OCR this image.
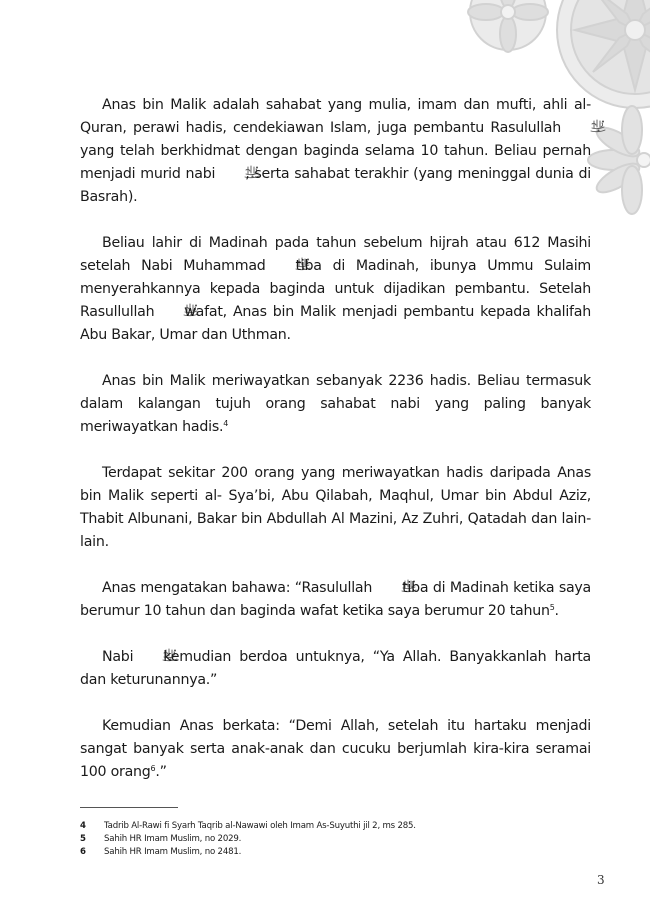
Anas bin Malik adalah sahabat yang mulia, imam dan mufti, ahli al-Quran, perawi hadis, cendekiawan Islam, juga pembantu Rasulullahyang telah berkhidmat dengan baginda selama 10 tahun. Beliau pernah menjadi murid nabi , serta sahabat terakhir (yang meninggal dunia di Basrah).

Beliau lahir di Madinah pada tahun sebelum hijrah atau 612 Masihi setelah Nabi Muhammad tiba di Madinah, ibunya Ummu Sulaim menyerahkannya kepada baginda untuk dijadikan pembantu. Setelah Rasullullah wafat, Anas bin Malik menjadi pembantu kepada khalifah Abu Bakar, Umar dan Uthman.

Anas bin Malik meriwayatkan sebanyak 2236 hadis. Beliau termasuk dalam kalangan tujuh orang sahabat nabi yang paling banyak meriwayatkan hadis.$^4$

Terdapat sekitar 200 orang yang meriwayatkan hadis daripada Anas bin Malik seperti al- Sya’bi, Abu Qilabah, Maqhul, Umar bin Abdul Aziz, Thabit Albunani, Bakar bin Abdullah Al Mazini, Az Zuhri, Qatadah dan lain-lain.

Anas mengatakan bahawa: “Rasulullah tiba di Madinah ketika saya berumur 10 tahun dan baginda wafat ketika saya berumur 20 tahun$^5$.

Nabi kemudian berdoa untuknya, “Ya Allah. Banyakkanlah harta dan keturunannya.”

Kemudian Anas berkata: “Demi Allah, setelah itu hartaku menjadi sangat banyak serta anak-anak dan cucuku berjumlah kira-kira seramai 100 orang$^6$.”

4	Tadrib Al-Rawi fi Syarh Taqrib al-Nawawi oleh Imam As-Suyuthi jil 2, ms 285.
5	Sahih HR Imam Muslim, no 2029.
6	Sahih HR Imam Muslim, no 2481.
3
